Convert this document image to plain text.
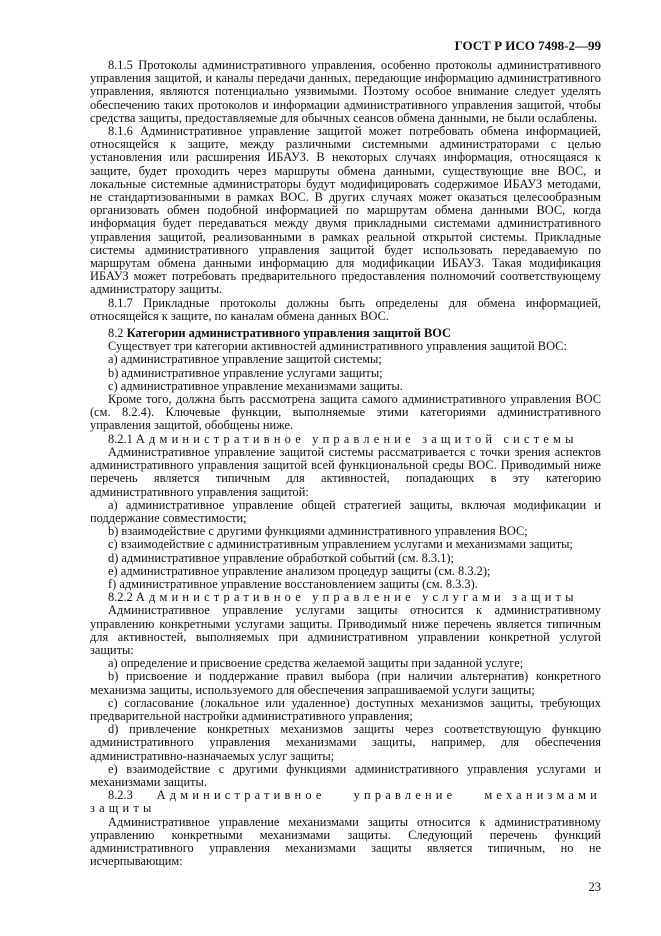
ГОСТ Р ИСО 7498-2—99

8.1.5 Протоколы административного управления, особенно протоколы административного управления защитой, и каналы передачи данных, передающие информацию административного управления, являются потенциально уязвимыми. Поэтому особое внимание следует уделять обеспечению таких протоколов и информации административного управления защитой, чтобы средства защиты, предоставляемые для обычных сеансов обмена данными, не были ослаблены.

8.1.6 Административное управление защитой может потребовать обмена информацией, относящейся к защите, между различными системными администраторами с целью установления или расширения ИБАУЗ. В некоторых случаях информация, относящаяся к защите, будет проходить через маршруты обмена данными, существующие вне ВОС, и локальные системные администраторы будут модифицировать содержимое ИБАУЗ методами, не стандартизованными в рамках ВОС. В других случаях может оказаться целесообразным организовать обмен подобной информацией по маршрутам обмена данными ВОС, когда информация будет передаваться между двумя прикладными системами административного управления защитой, реализованными в рамках реальной открытой системы. Прикладные системы административного управления защитой будет использовать передаваемую по маршрутам обмена данными информацию для модификации ИБАУЗ. Такая модификация ИБАУЗ может потребовать предварительного предоставления полномочий соответствующему администратору защиты.

8.1.7 Прикладные протоколы должны быть определены для обмена информацией, относящейся к защите, по каналам обмена данных ВОС.

8.2 Категории административного управления защитой ВОС

Существует три категории активностей административного управления защитой ВОС:

a) административное управление защитой системы;

b) административное управление услугами защиты;

c) административное управление механизмами защиты.

Кроме того, должна быть рассмотрена защита самого административного управления ВОС (см. 8.2.4). Ключевые функции, выполняемые этими категориями административного управления защитой, обобщены ниже.

8.2.1 Административное управление защитой системы

Административное управление защитой системы рассматривается с точки зрения аспектов административного управления защитой всей функциональной среды ВОС. Приводимый ниже перечень является типичным для активностей, попадающих в эту категорию административного управления защитой:

a) административное управление общей стратегией защиты, включая модификации и поддержание совместимости;

b) взаимодействие с другими функциями административного управления ВОС;

c) взаимодействие с административным управлением услугами и механизмами защиты;

d) административное управление обработкой событий (см. 8.3.1);

e) административное управление анализом процедур защиты (см. 8.3.2);

f) административное управление восстановлением защиты (см. 8.3.3).

8.2.2 Административное управление услугами защиты

Административное управление услугами защиты относится к административному управлению конкретными услугами защиты. Приводимый ниже перечень является типичным для активностей, выполняемых при административном управлении конкретной услугой защиты:

a) определение и присвоение средства желаемой защиты при заданной услуге;

b) присвоение и поддержание правил выбора (при наличии альтернатив) конкретного механизма защиты, используемого для обеспечения запрашиваемой услуги защиты;

c) согласование (локальное или удаленное) доступных механизмов защиты, требующих предварительной настройки административного управления;

d) привлечение конкретных механизмов защиты через соответствующую функцию административного управления механизмами защиты, например, для обеспечения административно-назначаемых услуг защиты;

e) взаимодействие с другими функциями административного управления услугами и механизмами защиты.

8.2.3 Административное управление механизмами защиты

Административное управление механизмами защиты относится к административному управлению конкретными механизмами защиты. Следующий перечень функций административного управления механизмами защиты является типичным, но не исчерпывающим:

23
